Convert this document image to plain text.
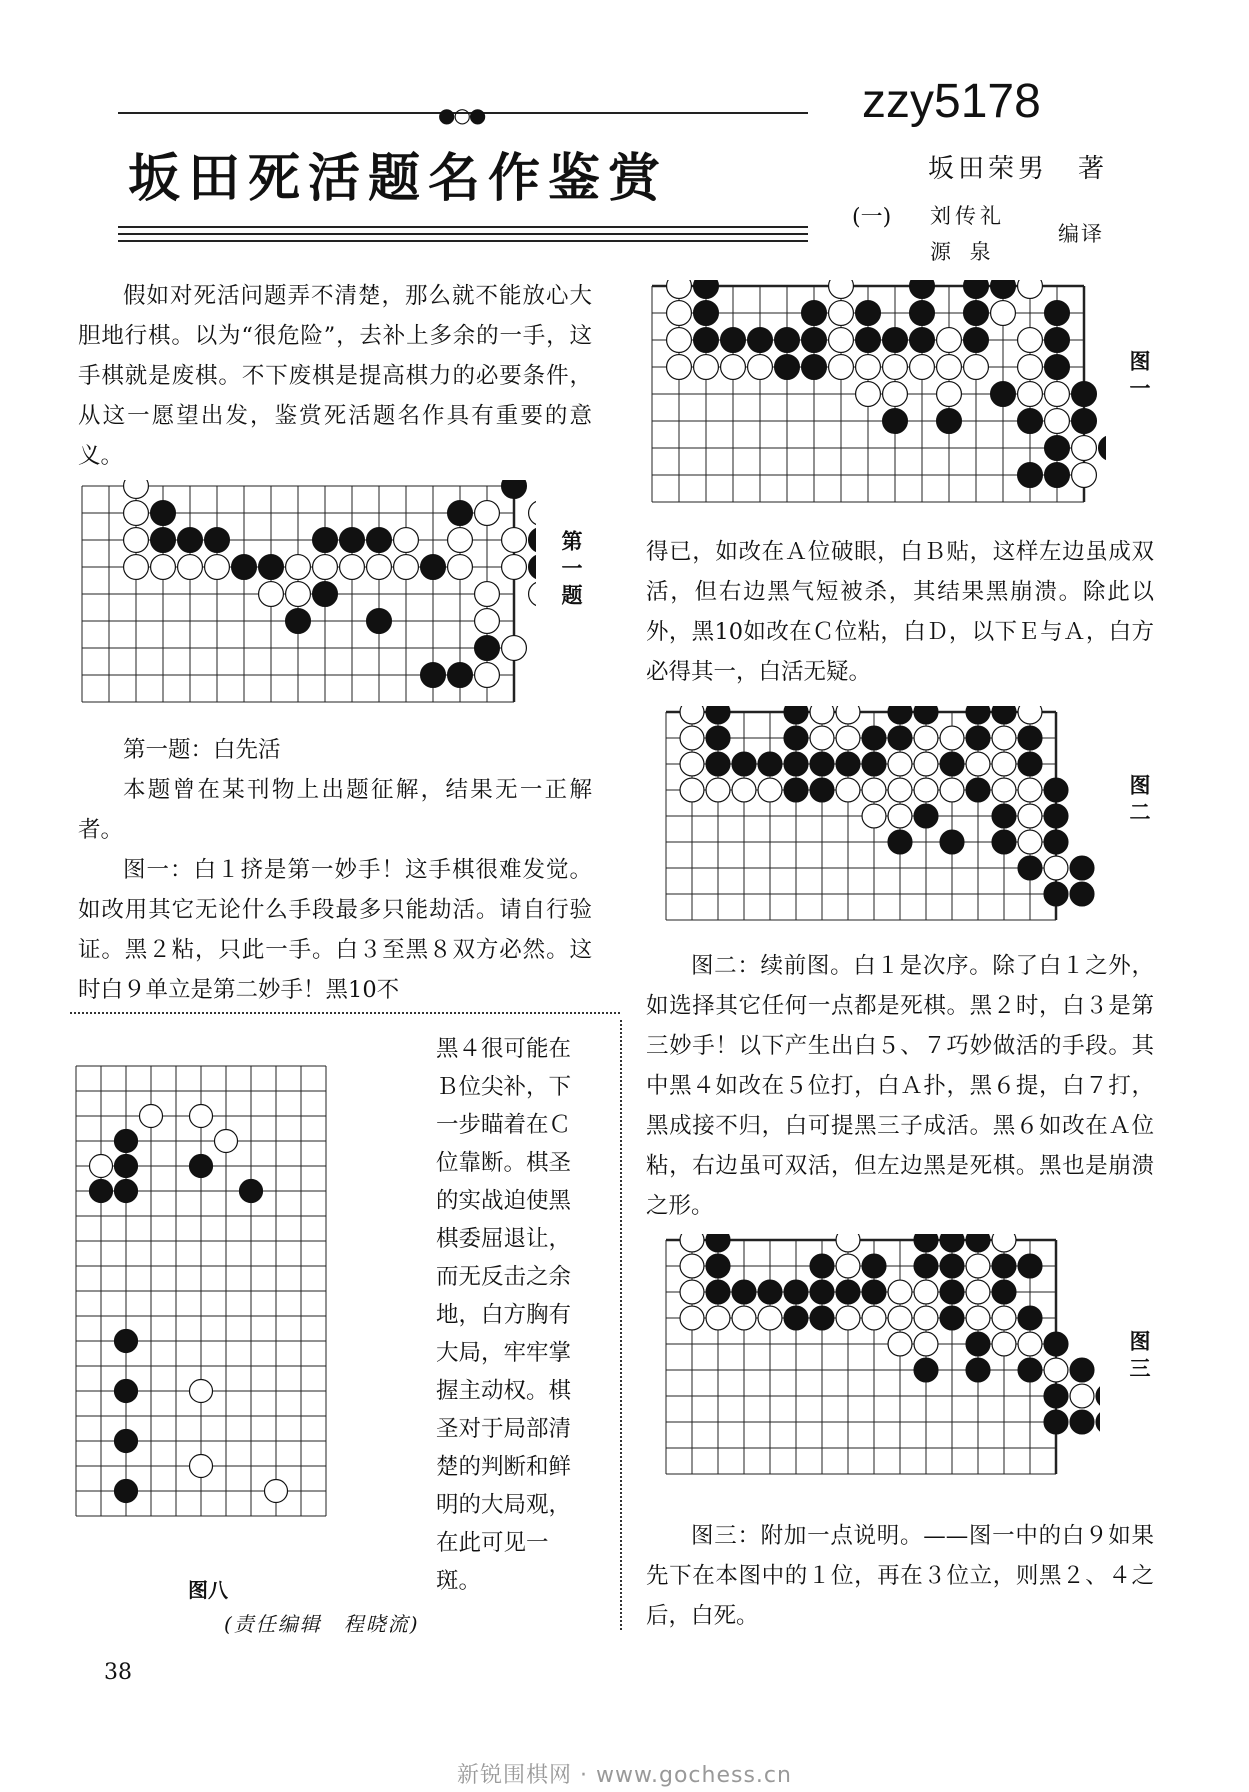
●○●
坂田死活题名作鉴赏
zzy5178
坂田荣男　著
(一) 刘传礼
源 泉
编译
假如对死活问题弄不清楚，那么就不能放心大胆地行棋。以为“很危险”，去补上多余的一手，这手棋就是废棋。不下废棋是提高棋力的必要条件，从这一愿望出发，鉴赏死活题名作具有重要的意义。
第一题
第一题：白先活
本题曾在某刊物上出题征解，结果无一正解者。
图一：白１挤是第一妙手！这手棋很难发觉。如改用其它无论什么手段最多只能劫活。请自行验证。黑２粘，只此一手。白３至黑８双方必然。这时白９单立是第二妙手！黑10不
黑４很可能在Ｂ位尖补，下一步瞄着在Ｃ位靠断。棋圣的实战迫使黑棋委屈退让，而无反击之余地，白方胸有大局，牢牢掌握主动权。棋圣对于局部清楚的判断和鲜明的大局观，在此可见一斑。
图八
(责任编辑　程晓流)
图一
得已，如改在Ａ位破眼，白Ｂ贴，这样左边虽成双活，但右边黑气短被杀，其结果黑崩溃。除此以外，黑10如改在Ｃ位粘，白Ｄ，以下Ｅ与Ａ，白方必得其一，白活无疑。
图二
图二：续前图。白１是次序。除了白１之外，如选择其它任何一点都是死棋。黑２时，白３是第三妙手！以下产生出白５、７巧妙做活的手段。其中黑４如改在５位打，白Ａ扑，黑６提，白７打，黑成接不归，白可提黑三子成活。黑６如改在Ａ位粘，右边虽可双活，但左边黑是死棋。黑也是崩溃之形。
图三
图三：附加一点说明。——图一中的白９如果先下在本图中的１位，再在３位立，则黑２、４之后，白死。
38
新锐围棋网 · www.gochess.cn
